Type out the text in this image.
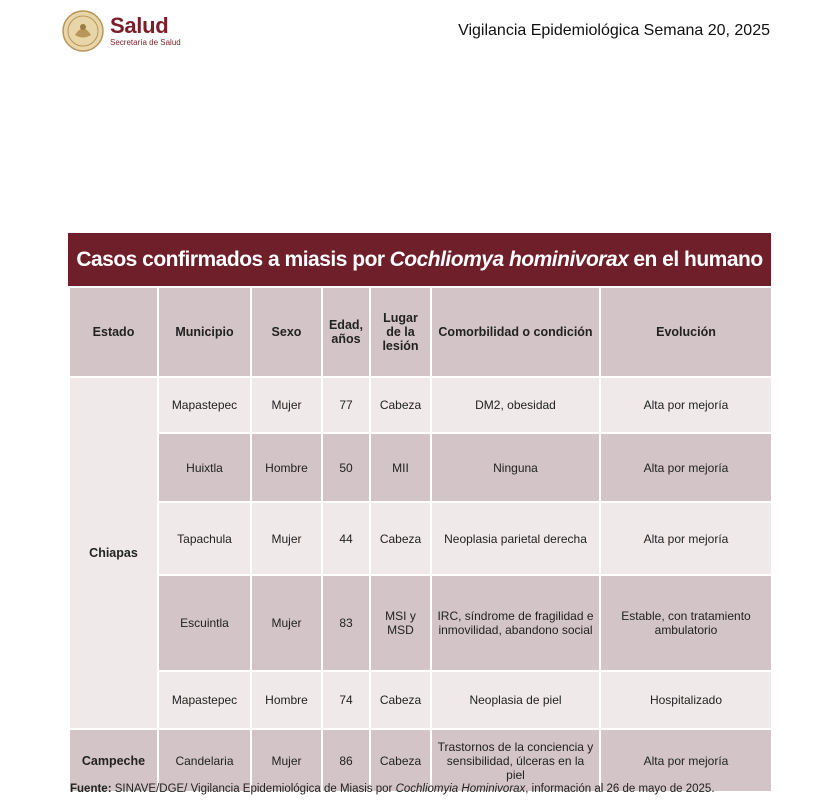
Salud
Secretaría de Salud
Vigilancia Epidemiológica Semana 20, 2025
Casos confirmados a miasis por Cochliomya hominivorax en el humano
Estado	Municipio	Sexo	Edad, años	Lugar de la lesión	Comorbilidad o condición	Evolución
Chiapas	Mapastepec	Mujer	77	Cabeza	DM2, obesidad	Alta por mejoría
	Huixtla	Hombre	50	MII	Ninguna	Alta por mejoría
	Tapachula	Mujer	44	Cabeza	Neoplasia parietal derecha	Alta por mejoría
	Escuintla	Mujer	83	MSI y MSD	IRC, síndrome de fragilidad e inmovilidad, abandono social	Estable, con tratamiento ambulatorio
	Mapastepec	Hombre	74	Cabeza	Neoplasia de piel	Hospitalizado
Campeche	Candelaria	Mujer	86	Cabeza	Trastornos de la conciencia y sensibilidad, úlceras en la piel	Alta por mejoría
Fuente: SINAVE/DGE/ Vigilancia Epidemiológica de Miasis por Cochliomyia Hominivorax, información al 26 de mayo de 2025.
